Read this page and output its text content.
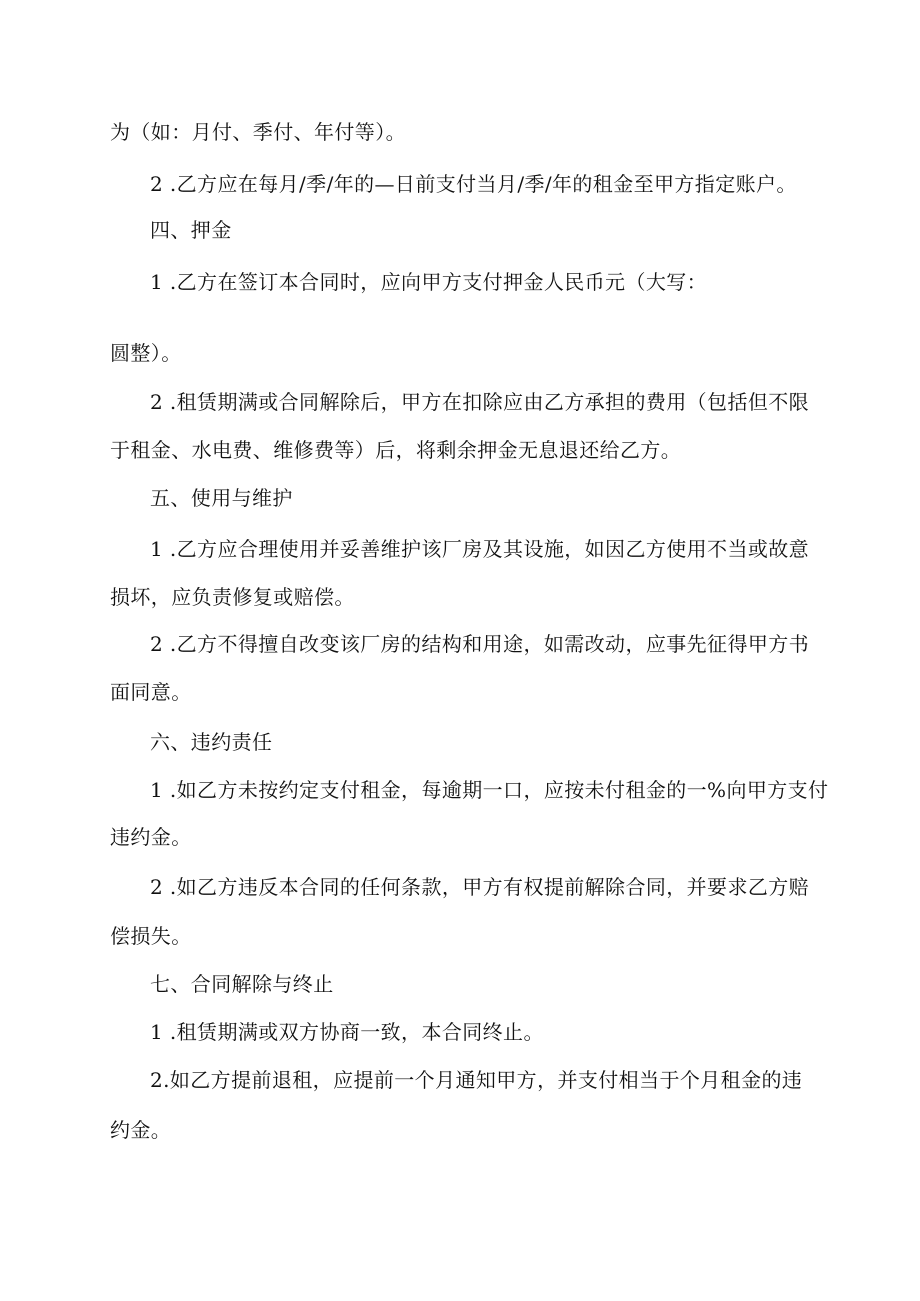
为（如：月付、季付、年付等）。
2 .乙方应在每月/季/年的—日前支付当月/季/年的租金至甲方指定账户。
四、押金
1 .乙方在签订本合同时，应向甲方支付押金人民币元（大写：
圆整）。
2 .租赁期满或合同解除后，甲方在扣除应由乙方承担的费用（包括但不限
于租金、水电费、维修费等）后，将剩余押金无息退还给乙方。
五、使用与维护
1 .乙方应合理使用并妥善维护该厂房及其设施，如因乙方使用不当或故意
损坏，应负责修复或赔偿。
2 .乙方不得擅自改变该厂房的结构和用途，如需改动，应事先征得甲方书
面同意。
六、违约责任
1 .如乙方未按约定支付租金，每逾期一口，应按未付租金的一%向甲方支付
违约金。
2 .如乙方违反本合同的任何条款，甲方有权提前解除合同，并要求乙方赔
偿损失。
七、合同解除与终止
1 .租赁期满或双方协商一致，本合同终止。
2.如乙方提前退租，应提前一个月通知甲方，并支付相当于个月租金的违
约金。
